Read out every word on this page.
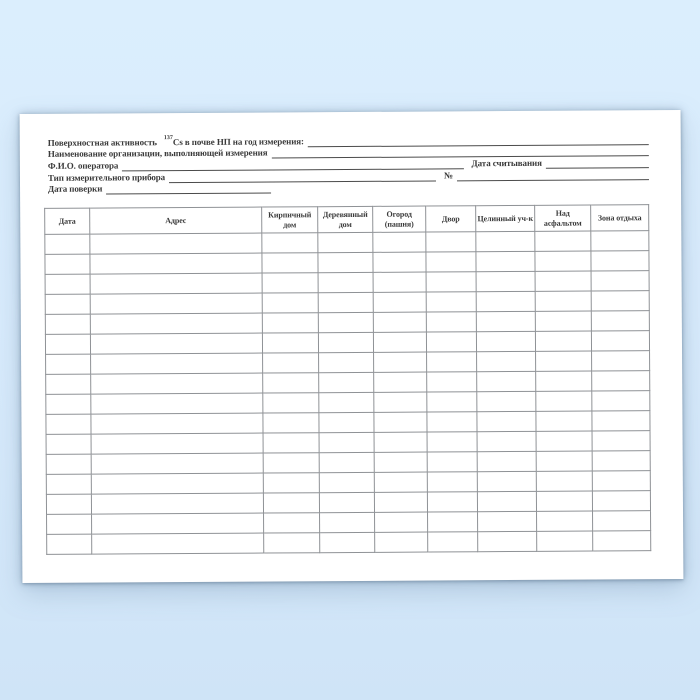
Поверхностная активность 137 Cs в почве НП на год измерения:
Наименование организации, выполняющей измерения
Ф.И.О. оператора	Дата считывания
Тип измерительного прибора	№
Дата поверки
Дата	Адрес	Кирпичный дом	Деревянный дом	Огород (пашня)	Двор	Целинный уч-к	Над асфальтом	Зона отдыха
